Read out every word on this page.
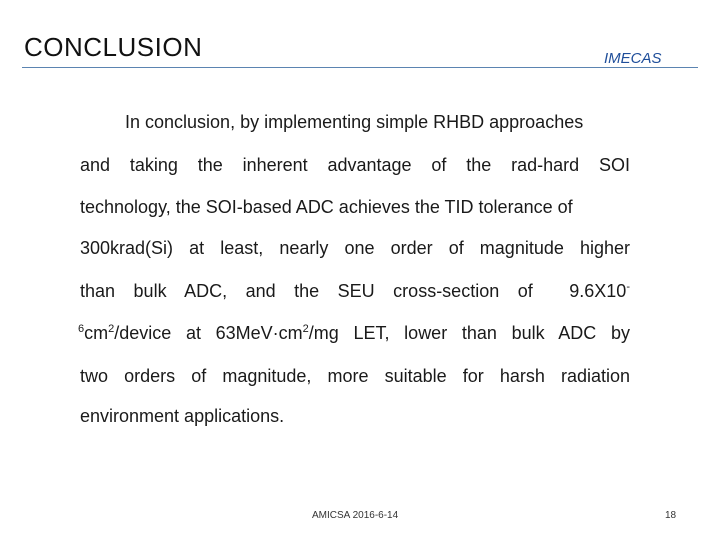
CONCLUSION	IMECAS
In conclusion, by implementing simple RHBD approaches
and taking the inherent advantage of the rad-hard SOI
technology, the SOI-based ADC achieves the TID tolerance of
300krad(Si) at least, nearly one order of magnitude higher
than bulk ADC, and the SEU cross-section of 9.6X10-
$^6cm^2$/device at $63MeV\cdot cm^2/mg$ LET, lower than bulk ADC by
two orders of magnitude, more suitable for harsh radiation
environment applications.
AMICSA 2016-6-14	18
